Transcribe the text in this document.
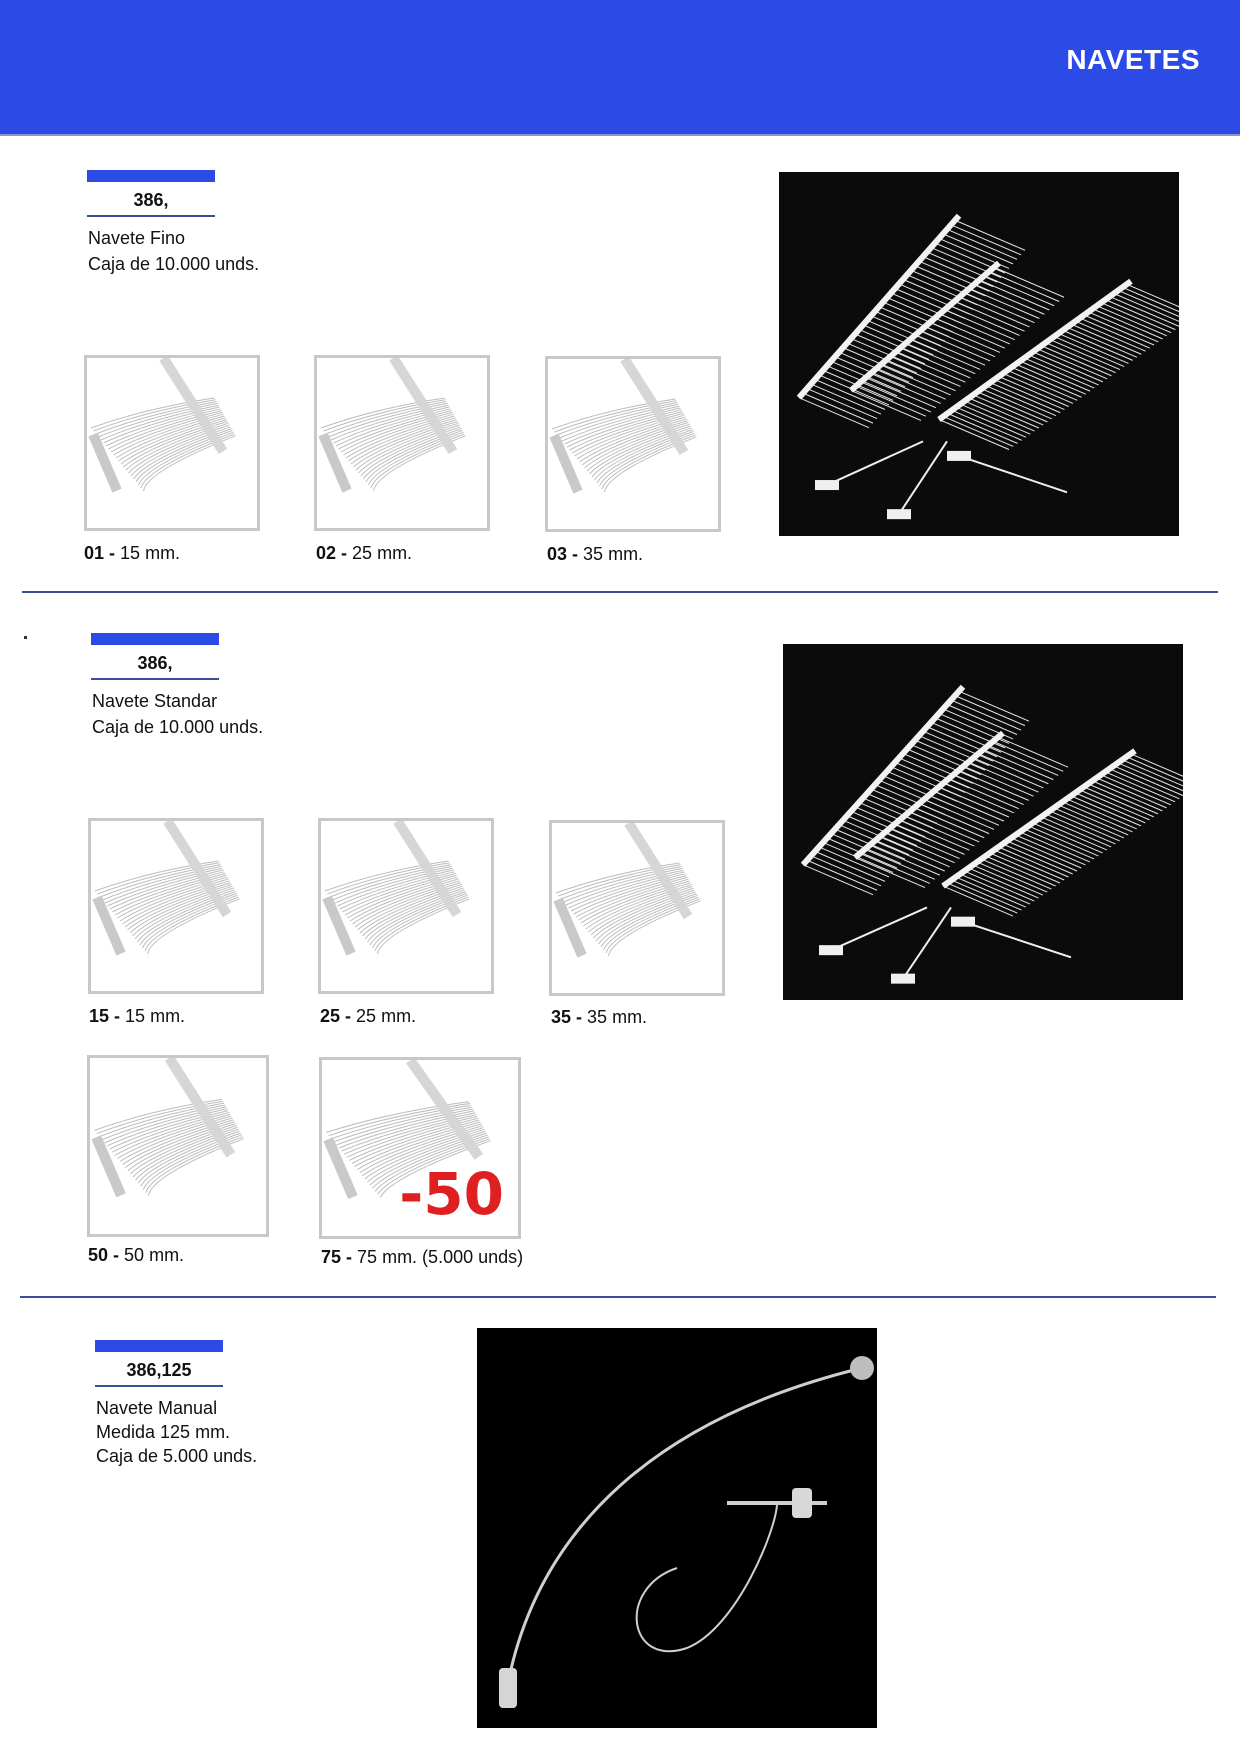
NAVETES
386,
Navete Fino
Caja de 10.000 unds.
01 - 15 mm.	02 - 25 mm.	03 - 35 mm.
386,
Navete Standar
Caja de 10.000 unds.
15 - 15 mm.	25 - 25 mm.	35 - 35 mm.
-50
50 - 50 mm.	75 - 75 mm. (5.000 unds)
386,125
Navete Manual
Medida 125 mm.
Caja de 5.000 unds.
